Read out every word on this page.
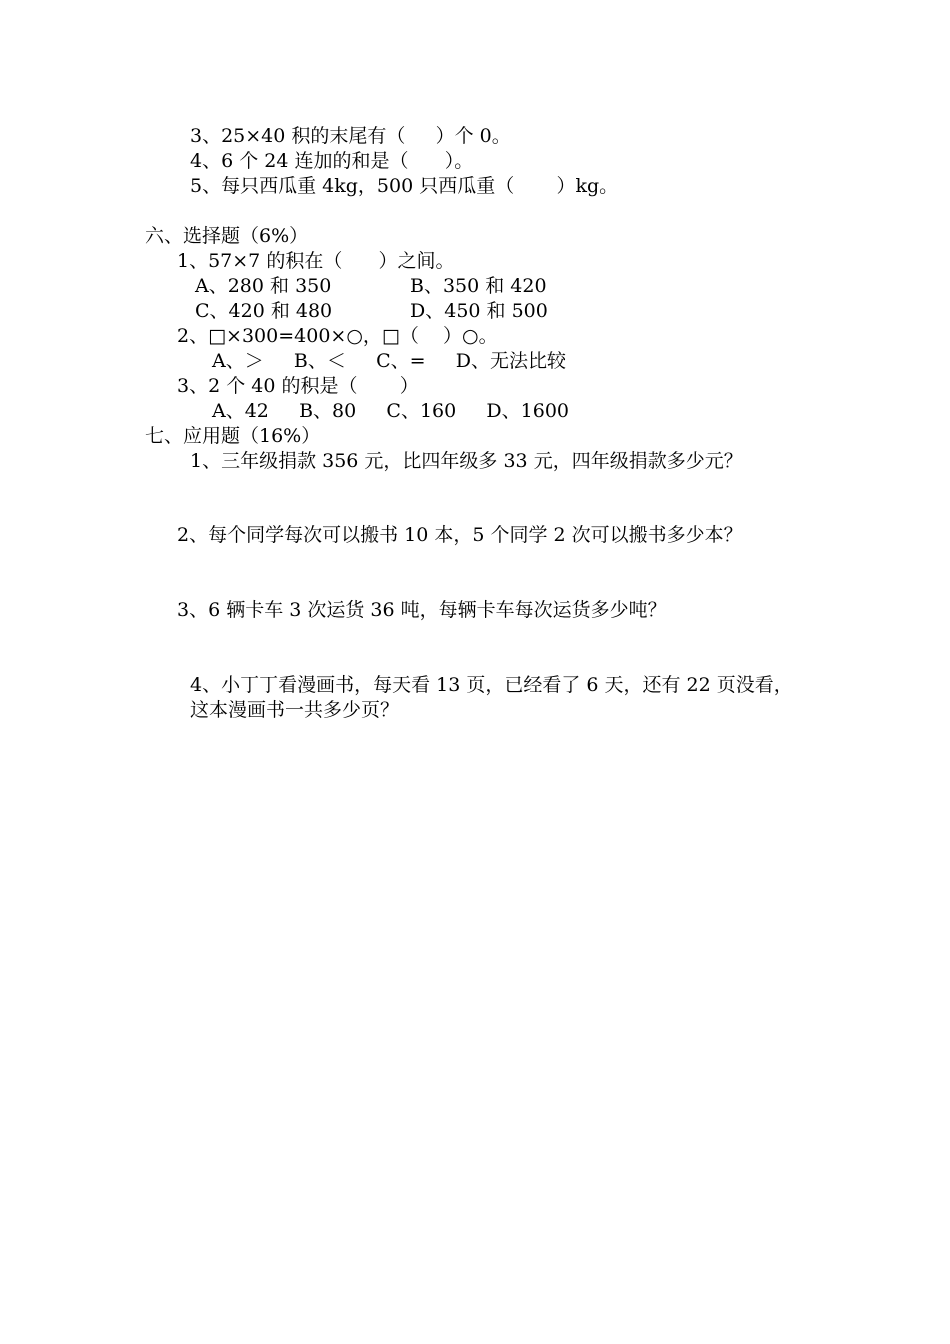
3、25×40 积的末尾有（     ）个 0。
4、6 个 24 连加的和是（      ）。
5、每只西瓜重 4kg，500 只西瓜重（       ）kg。
六、选择题（6%）
1、57×7 的积在（      ）之间。
A、280 和 350	B、350 和 420
C、420 和 480	D、450 和 500
2、□×300=400×○，□（    ）○。
A、＞     B、＜     C、=     D、无法比较
3、2 个 40 的积是（       ）
A、42     B、80     C、160     D、1600
七、应用题（16%）
1、三年级捐款 356 元，比四年级多 33 元，四年级捐款多少元？
2、每个同学每次可以搬书 10 本，5 个同学 2 次可以搬书多少本？
3、6 辆卡车 3 次运货 36 吨，每辆卡车每次运货多少吨？
4、小丁丁看漫画书，每天看 13 页，已经看了 6 天，还有 22 页没看，
这本漫画书一共多少页？
